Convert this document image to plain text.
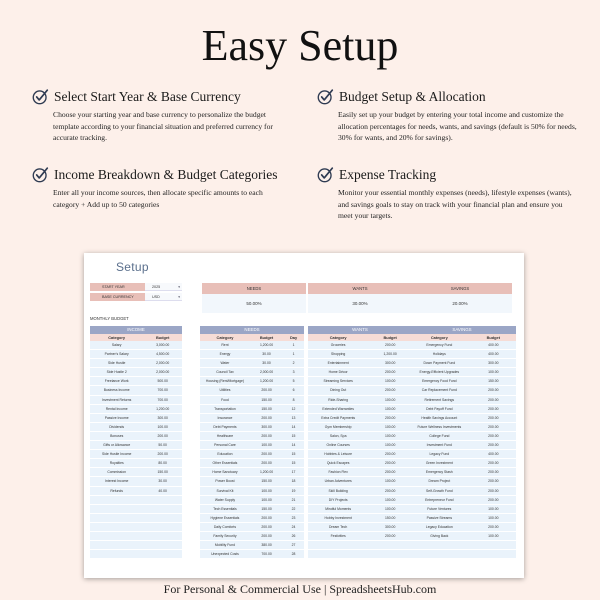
Easy Setup
Select Start Year & Base Currency
Choose your starting year and base currency to personalize the budget template according to your financial situation and preferred currency for accurate tracking.
Budget Setup & Allocation
Easily set up your budget by entering your total income and customize the allocation percentages for needs, wants, and savings (default is 50% for needs, 30% for wants, and 20% for savings).
Income Breakdown & Budget Categories
Enter all your income sources, then allocate specific amounts to each category + Add up to 50 categories
Expense Tracking
Monitor your essential monthly expenses (needs), lifestyle expenses (wants), and savings goals to stay on track with your financial plan and ensure you meet your targets.
Setup
START YEAR	2025	▾
BASE CURRENCY	USD	▾
NEEDS
50.00%
WANTS
30.00%
SAVINGS
20.00%
MONTHLY BUDGET
INCOME
Category	Budget
Salary	3,000.00
Partner's Salary	4,500.00
Side Hustle	2,000.00
Side Hustle 2	2,000.00
Freelance Work	500.00
Business Income	700.00
Investment Returns	700.00
Rental Income	1,200.00
Passive Income	300.00
Dividends	100.00
Bonuses	200.00
Gifts or Allowance	50.00
Side Hustle Income	200.00
Royalties	80.00
Commission	150.00
Interest Income	30.00
Refunds	40.00
NEEDS
Category	Budget	Day
Rent	1,200.00	1
Energy	30.00	1
Water	30.00	2
Council Tax	2,000.00	3
Housing (Rent/Mortgage)	1,200.00	5
Utilities	200.00	6
Food	150.00	8
Transportation	150.00	12
Insurance	200.00	13
Debt Payments	300.00	14
Healthcare	200.00	15
Personal Care	100.00	14
Education	200.00	15
Other Essentials	200.00	15
Home Sanctuary	1,200.00	17
Power Boost	150.00	18
Survival Kit	100.00	19
Water Supply	100.00	21
Tech Essentials	150.00	22
Hygiene Essentials	200.00	23
Daily Comforts	200.00	24
Family Security	200.00	26
Mobility Fund	380.00	27
Unexpected Costs	700.00	28
WANTS
Category	Budget
Groceries	200.00
Shopping	1,200.00
Entertainment	300.00
Home Décor	200.00
Streaming Services	100.00
Dining Out	200.00
Ride-Sharing	100.00
Extended Warranties	100.00
Extra Credit Payments	200.00
Gym Membership	100.00
Salon, Spa	100.00
Online Courses	100.00
Hobbies & Leisure	200.00
Quick Escapes	200.00
Fashion Flex	200.00
Urban Adventures	100.00
Skill Building	200.00
DIY Projects	100.00
Mindful Moments	100.00
Hobby Investment	150.00
Dream Tech	300.00
Festivities	200.00
SAVINGS
Category	Budget
Emergency Fund	400.00
Holidays	400.00
Down Payment Fund	300.00
Energy-Efficient Upgrades	100.00
Emergency Food Fund	150.00
Car Replacement Fund	200.00
Retirement Savings	200.00
Debt Payoff Fund	200.00
Health Savings Account	200.00
Future Wellness Investments	200.00
College Fund	200.00
Investment Fund	200.00
Legacy Fund	400.00
Green Investment	200.00
Emergency Stash	200.00
Dream Project	200.00
Self-Growth Fund	200.00
Entrepreneur Fund	200.00
Future Ventures	100.00
Passive Streams	100.00
Legacy Education	200.00
Giving Back	100.00
For Personal & Commercial Use | SpreadsheetsHub.com
